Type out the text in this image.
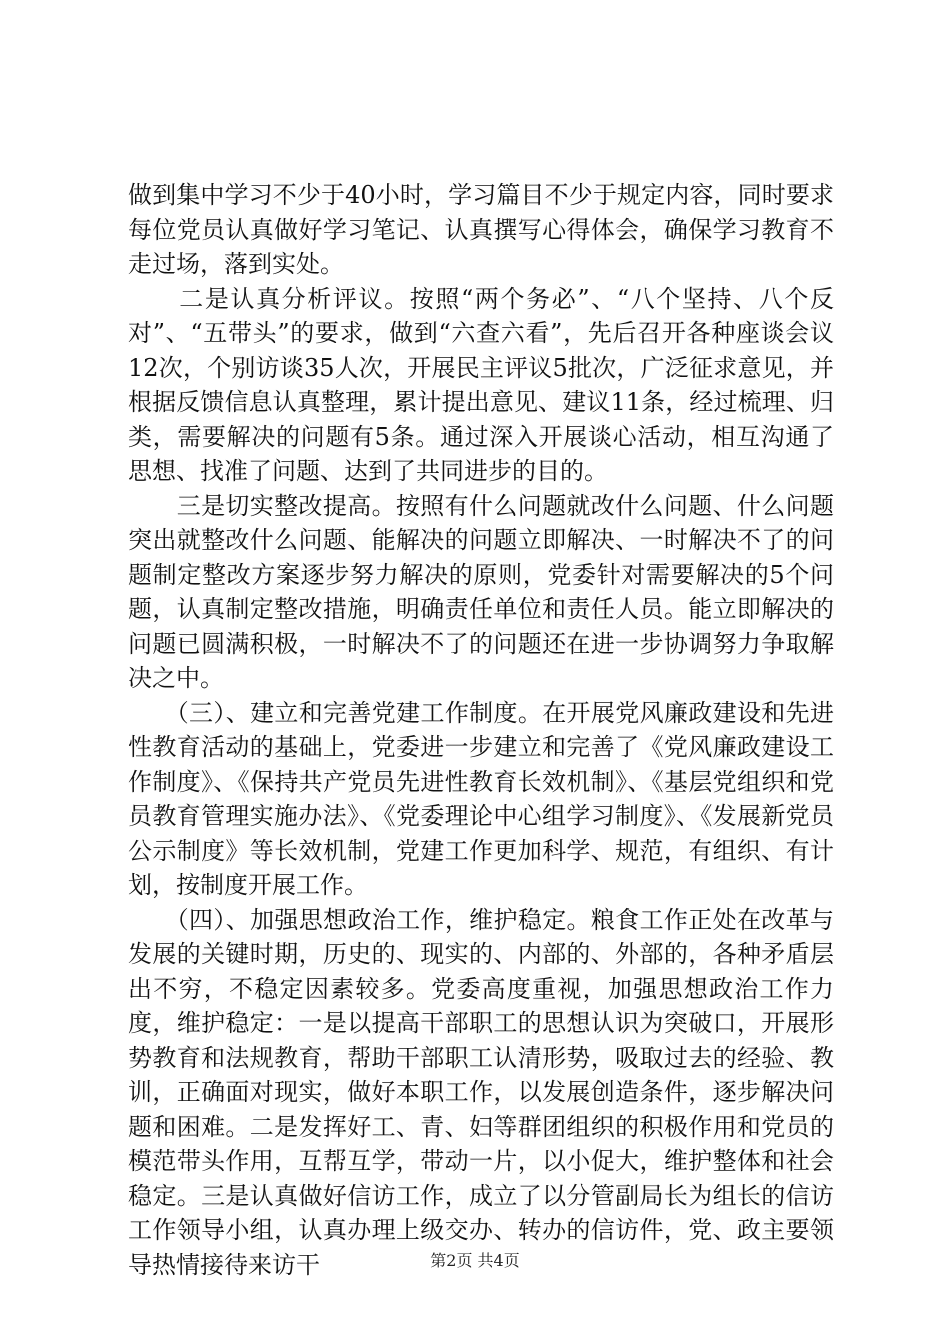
做到集中学习不少于40小时，学习篇目不少于规定内容，同时要求每位党员认真做好学习笔记、认真撰写心得体会，确保学习教育不走过场，落到实处。

　　二是认真分析评议。按照“两个务必”、“八个坚持、八个反对”、“五带头”的要求，做到“六查六看”，先后召开各种座谈会议12次，个别访谈35人次，开展民主评议5批次，广泛征求意见，并根据反馈信息认真整理，累计提出意见、建议11条，经过梳理、归类，需要解决的问题有5条。通过深入开展谈心活动，相互沟通了思想、找准了问题、达到了共同进步的目的。

　　三是切实整改提高。按照有什么问题就改什么问题、什么问题突出就整改什么问题、能解决的问题立即解决、一时解决不了的问题制定整改方案逐步努力解决的原则，党委针对需要解决的5个问题，认真制定整改措施，明确责任单位和责任人员。能立即解决的问题已圆满积极，一时解决不了的问题还在进一步协调努力争取解决之中。

　　（三）、建立和完善党建工作制度。在开展党风廉政建设和先进性教育活动的基础上，党委进一步建立和完善了《党风廉政建设工作制度》、《保持共产党员先进性教育长效机制》、《基层党组织和党员教育管理实施办法》、《党委理论中心组学习制度》、《发展新党员公示制度》等长效机制，党建工作更加科学、规范，有组织、有计划，按制度开展工作。

　　（四）、加强思想政治工作，维护稳定。粮食工作正处在改革与发展的关键时期，历史的、现实的、内部的、外部的，各种矛盾层出不穷，不稳定因素较多。党委高度重视，加强思想政治工作力度，维护稳定：一是以提高干部职工的思想认识为突破口，开展形势教育和法规教育，帮助干部职工认清形势，吸取过去的经验、教训，正确面对现实，做好本职工作，以发展创造条件，逐步解决问题和困难。二是发挥好工、青、妇等群团组织的积极作用和党员的模范带头作用，互帮互学，带动一片，以小促大，维护整体和社会稳定。三是认真做好信访工作，成立了以分管副局长为组长的信访工作领导小组，认真办理上级交办、转办的信访件，党、政主要领导热情接待来访干	第2页 共4页
